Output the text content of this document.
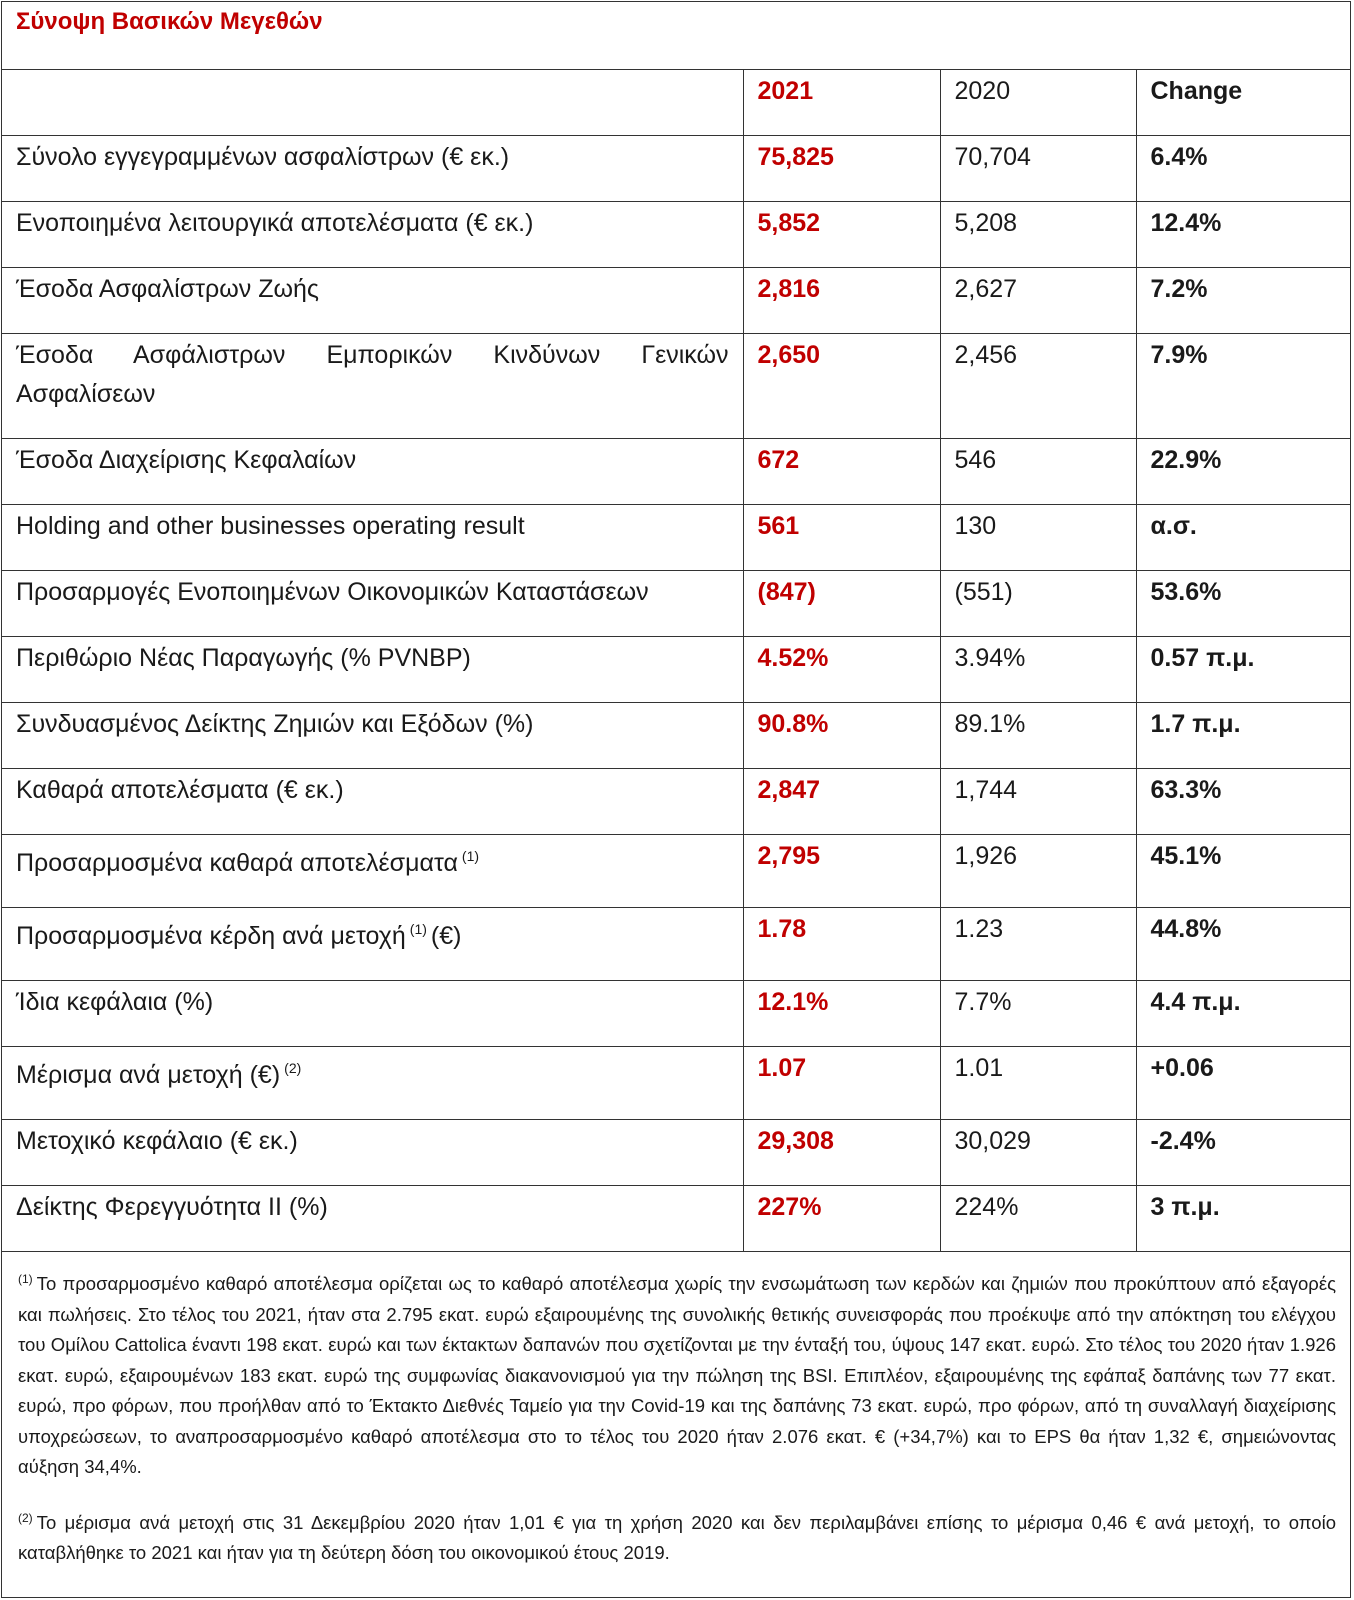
Σύνοψη Βασικών Μεγεθών
	2021	2020	Change
Σύνολο εγγεγραμμένων ασφαλίστρων (€ εκ.)	75,825	70,704	6.4%
Ενοποιημένα λειτουργικά αποτελέσματα (€ εκ.)	5,852	5,208	12.4%
Έσοδα Ασφαλίστρων Ζωής	2,816	2,627	7.2%
Έσοδα Ασφάλιστρων Εμπορικών Κινδύνων Γενικών Ασφαλίσεων	2,650	2,456	7.9%
Έσοδα Διαχείρισης Κεφαλαίων	672	546	22.9%
Holding and other businesses operating result	561	130	α.σ.
Προσαρμογές Ενοποιημένων Οικονομικών Καταστάσεων	(847)	(551)	53.6%
Περιθώριο Νέας Παραγωγής (% PVNBP)	4.52%	3.94%	0.57 π.μ.
Συνδυασμένος Δείκτης Ζημιών και Εξόδων (%)	90.8%	89.1%	1.7 π.μ.
Καθαρά αποτελέσματα (€ εκ.)	2,847	1,744	63.3%
Προσαρμοσμένα καθαρά αποτελέσματα $^{(1)}$	2,795	1,926	45.1%
Προσαρμοσμένα κέρδη ανά μετοχή $^{(1)}$ (€)	1.78	1.23	44.8%
Ίδια κεφάλαια (%)	12.1%	7.7%	4.4 π.μ.
Μέρισμα ανά μετοχή (€) $^{(2)}$	1.07	1.01	+0.06
Μετοχικό κεφάλαιο (€ εκ.)	29,308	30,029	-2.4%
Δείκτης Φερεγγυότητα ΙΙ (%)	227%	224%	3 π.μ.

$^{(1)}$ Το προσαρμοσμένο καθαρό αποτέλεσμα ορίζεται ως το καθαρό αποτέλεσμα χωρίς την ενσωμάτωση των κερδών και ζημιών που προκύπτουν από εξαγορές και πωλήσεις. Στο τέλος του 2021, ήταν στα 2.795 εκατ. ευρώ εξαιρουμένης της συνολικής θετικής συνεισφοράς που προέκυψε από την απόκτηση του ελέγχου του Ομίλου Cattolica έναντι 198 εκατ. ευρώ και των έκτακτων δαπανών που σχετίζονται με την ένταξή του, ύψους 147 εκατ. ευρώ. Στο τέλος του 2020 ήταν 1.926 εκατ. ευρώ, εξαιρουμένων 183 εκατ. ευρώ της συμφωνίας διακανονισμού για την πώληση της BSI. Επιπλέον, εξαιρουμένης της εφάπαξ δαπάνης των 77 εκατ. ευρώ, προ φόρων, που προήλθαν από το Έκτακτο Διεθνές Ταμείο για την Covid-19 και της δαπάνης 73 εκατ. ευρώ, προ φόρων, από τη συναλλαγή διαχείρισης υποχρεώσεων, το αναπροσαρμοσμένο καθαρό αποτέλεσμα στο το τέλος του 2020 ήταν 2.076 εκατ. € (+34,7%) και το EPS θα ήταν 1,32 €, σημειώνοντας αύξηση 34,4%.

$^{(2)}$ Το μέρισμα ανά μετοχή στις 31 Δεκεμβρίου 2020 ήταν 1,01 € για τη χρήση 2020 και δεν περιλαμβάνει επίσης το μέρισμα 0,46 € ανά μετοχή, το οποίο καταβλήθηκε το 2021 και ήταν για τη δεύτερη δόση του οικονομικού έτους 2019.
